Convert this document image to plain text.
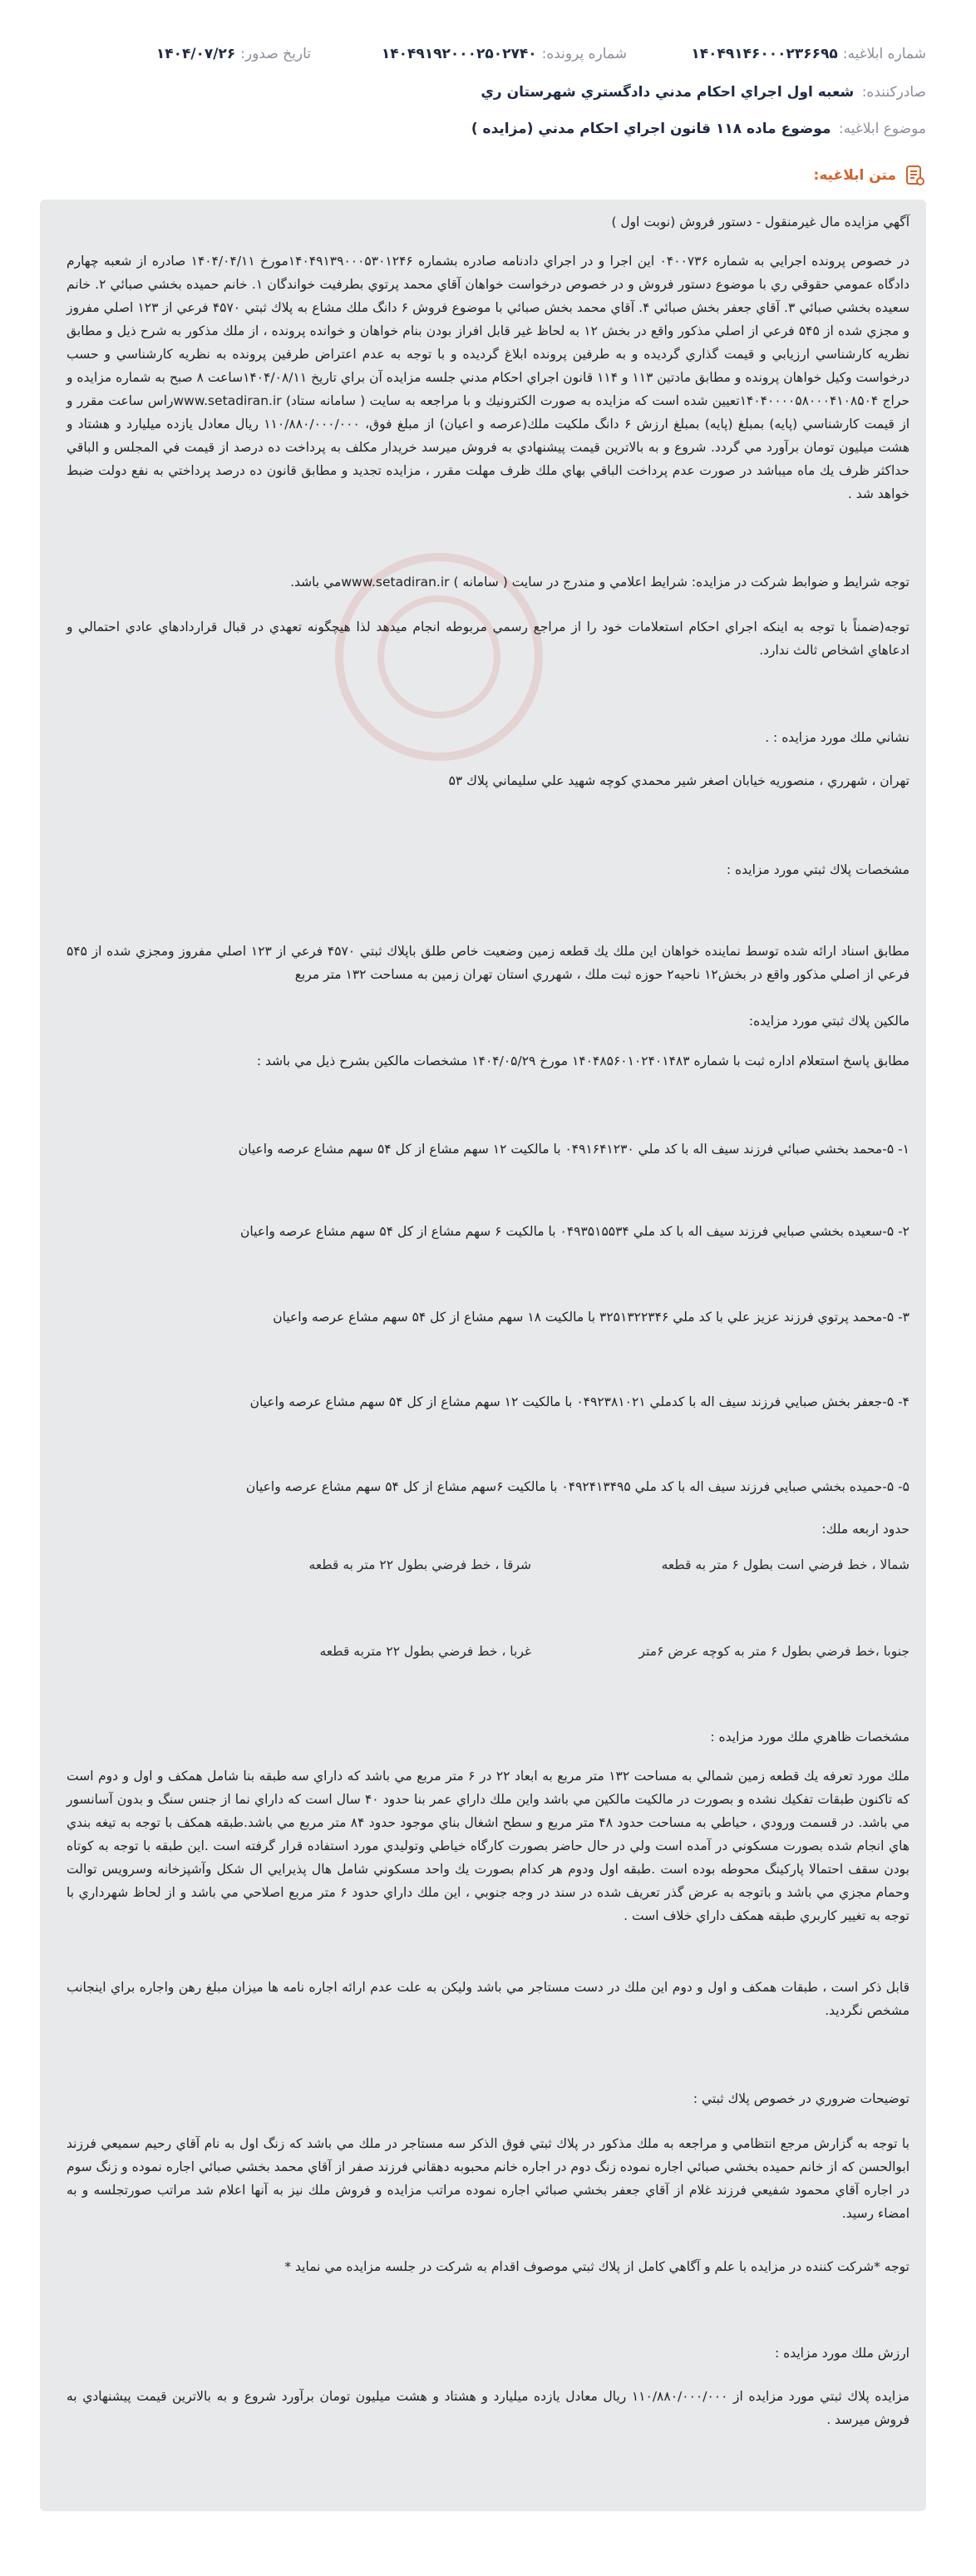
شماره ابلاغیه:
۱۴۰۴۹۱۴۶۰۰۰۲۳۶۶۹۵
شماره پرونده:
۱۴۰۴۹۱۹۲۰۰۰۲۵۰۲۷۴۰
تاریخ صدور:
۱۴۰۴/۰۷/۲۶
صادرکننده: شعبه اول اجراي احكام مدني دادگستري شهرستان ري
موضوع ابلاغیه: موضوع ماده ۱۱۸ قانون اجراي احكام مدني (مزايده )
متن ابلاغیه:
آگهي مزايده مال غيرمنقول - دستور فروش (نوبت اول )
در خصوص پرونده اجرايي به شماره ۰۴۰۰۷۳۶ اين اجرا و در اجراي دادنامه صادره بشماره ۱۴۰۴۹۱۳۹۰۰۰۵۳۰۱۲۴۶مورخ ۱۴۰۴/۰۴/۱۱ صادره از شعبه چهارم دادگاه عمومي حقوقي ري با موضوع دستور فروش و در خصوص درخواست خواهان آقاي محمد پرتوي بطرفيت خواندگان ۱. خانم حميده بخشي صبائي ۲. خانم سعيده بخشي صبائي ۳. آقاي جعفر بخش صبائي ۴. آقاي محمد بخش صبائي با موضوع فروش ۶ دانگ ملك مشاع به پلاك ثبتي ۴۵۷۰ فرعي از ۱۲۳ اصلي مفروز و مجزي شده از ۵۴۵ فرعي از اصلي مذكور واقع در بخش ۱۲ به لحاظ غير قابل افراز بودن بنام خواهان و خوانده پرونده ، از ملك مذكور به شرح ذيل و مطابق نظريه كارشناسي ارزيابي و قيمت گذاري گرديده و به طرفين پرونده ابلاغ گرديده و با توجه به عدم اعتراض طرفين پرونده به نظريه كارشناسي و حسب درخواست وكيل خواهان پرونده و مطابق مادتين ۱۱۳ و ۱۱۴ قانون اجراي احكام مدني جلسه مزايده آن براي تاريخ ۱۴۰۴/۰۸/۱۱ساعت ۸ صبح به شماره مزايده و حراج ۱۴۰۴۰۰۰۰۵۸۰۰۰۴۱۰۸۵۰۴تعيين شده است كه مزايده به صورت الكترونيك و با مراجعه به سايت ( سامانه ستاد) www.setadiran.irراس ساعت مقرر و از قيمت كارشناسي (پايه) بمبلغ (پايه) بمبلغ ارزش ۶ دانگ ملكيت ملك(عرصه و اعيان) از مبلغ فوق، ۱۱۰/۸۸۰/۰۰۰/۰۰۰ ريال معادل يازده ميليارد و هشتاد و هشت ميليون تومان برآورد مي گردد. شروع و به بالاترين قيمت پيشنهادي به فروش ميرسد خريدار مكلف به پرداخت ده درصد از قيمت في المجلس و الباقي حداكثر ظرف يك ماه ميباشد در صورت عدم پرداخت الباقي بهاي ملك ظرف مهلت مقرر ، مزايده تجديد و مطابق قانون ده درصد پرداختي به نفع دولت ضبط خواهد شد .
توجه شرايط و ضوابط شركت در مزايده: شرايط اعلامي و مندرج در سايت ( سامانه ) www.setadiran.irمي باشد.
توجه(ضمناً با توجه به اينكه اجراي احكام استعلامات خود را از مراجع رسمي مربوطه انجام ميدهد لذا هيچگونه تعهدي در قبال قراردادهاي عادي احتمالي و ادعاهاي اشخاص ثالث ندارد.
نشاني ملك مورد مزايده : .
تهران ، شهرري ، منصوريه خيابان اصغر شير محمدي كوچه شهيد علي سليماني پلاك ۵۳
مشخصات پلاك ثبتي مورد مزايده :
مطابق اسناد ارائه شده توسط نماينده خواهان اين ملك يك قطعه زمين وضعيت خاص طلق باپلاك ثبتي ۴۵۷۰ فرعي از ۱۲۳ اصلي مفروز ومجزي شده از ۵۴۵ فرعي از اصلي مذكور واقع در بخش۱۲ ناحيه۲ حوزه ثبت ملك ، شهرري استان تهران زمين به مساحت ۱۳۲ متر مربع
مالكين پلاك ثبتي مورد مزايده:
مطابق پاسخ استعلام اداره ثبت با شماره ۱۴۰۴۸۵۶۰۱۰۲۴۰۱۴۸۳ مورخ ۱۴۰۴/۰۵/۲۹ مشخصات مالكين بشرح ذيل مي باشد :
۱- ۵-محمد بخشي صبائي فرزند سيف اله با كد ملي ۰۴۹۱۶۴۱۲۳۰ با مالكيت ۱۲ سهم مشاع از كل ۵۴ سهم مشاع عرصه واعيان
۲- ۵-سعيده بخشي صبايي فرزند سيف اله با كد ملي ۰۴۹۳۵۱۵۵۳۴ با مالكيت ۶ سهم مشاع از كل ۵۴ سهم مشاع عرصه واعيان
۳- ۵-محمد پرتوي فرزند عزيز علي با كد ملي ۳۲۵۱۳۲۲۳۴۶ با مالكيت ۱۸ سهم مشاع از كل ۵۴ سهم مشاع عرصه واعيان
۴- ۵-جعفر بخش صبايي فرزند سيف اله با كدملي ۰۴۹۲۳۸۱۰۲۱ با مالكيت ۱۲ سهم مشاع از كل ۵۴ سهم مشاع عرصه واعيان
۵- ۵-حميده بخشي صبايي فرزند سيف اله با كد ملي ۰۴۹۲۴۱۳۴۹۵ با مالكيت ۶سهم مشاع از كل ۵۴ سهم مشاع عرصه واعيان
حدود اربعه ملك:
شمالا ، خط فرضي است بطول ۶ متر به قطعه
شرقا ، خط فرضي بطول ۲۲ متر به قطعه
جنوبا ،خط فرضي بطول ۶ متر به كوچه عرض ۶متر
غربا ، خط فرضي بطول ۲۲ متربه قطعه
مشخصات ظاهري ملك مورد مزايده :
ملك مورد تعرفه يك قطعه زمين شمالي به مساحت ۱۳۲ متر مربع به ابعاد ۲۲ در ۶ متر مربع مي باشد كه داراي سه طبقه بنا شامل همكف و اول و دوم است كه تاكنون طبقات تفكيك نشده و بصورت در مالكيت مالكين مي باشد واين ملك داراي عمر بنا حدود ۴۰ سال است كه داراي نما از جنس سنگ و بدون آسانسور مي باشد. در قسمت ورودي ، حياطي به مساحت حدود ۴۸ متر مربع و سطح اشغال بناي موجود حدود ۸۴ متر مربع مي باشد.طبقه همكف با توجه به تيغه بندي هاي انجام شده بصورت مسكوني در آمده است ولي در حال حاضر بصورت كارگاه خياطي وتوليدي مورد استفاده قرار گرفته است .اين طبقه با توجه به كوتاه بودن سقف احتمالا پاركينگ محوطه بوده است .طبقه اول ودوم هر كدام بصورت يك واحد مسكوني شامل هال پذيرايي ال شكل وآشپزخانه وسرويس توالت وحمام مجزي مي باشد و باتوجه به عرض گذر تعريف شده در سند در وجه جنوبي ، اين ملك داراي حدود ۶ متر مربع اصلاحي مي باشد و از لحاظ شهرداري با توجه به تغيير كاربري طبقه همكف داراي خلاف است .
قابل ذكر است ، طبقات همكف و اول و دوم اين ملك در دست مستاجر مي باشد وليكن به علت عدم ارائه اجاره نامه ها ميزان مبلغ رهن واجاره براي اينجانب مشخص نگرديد.
توضيحات ضروري در خصوص پلاك ثبتي :
با توجه به گزارش مرجع انتظامي و مراجعه به ملك مذكور در پلاك ثبتي فوق الذكر سه مستاجر در ملك مي باشد كه زنگ اول به نام آقاي رحيم سميعي فرزند ابوالحسن كه از خانم حميده بخشي صبائي اجاره نموده زنگ دوم در اجاره خانم محبوبه دهقاني فرزند صفر از آقاي محمد بخشي صبائي اجاره نموده و زنگ سوم در اجاره آقاي محمود شفيعي فرزند غلام از آقاي جعفر بخشي صبائي اجاره نموده مراتب مزايده و فروش ملك نيز به آنها اعلام شد مراتب صورتجلسه و به امضاء رسيد.
توجه *شركت كننده در مزايده با علم و آگاهي كامل از پلاك ثبتي موصوف اقدام به شركت در جلسه مزايده مي نمايد *
ارزش ملك مورد مزايده :
مزايده پلاك ثبتي مورد مزايده از ۱۱۰/۸۸۰/۰۰۰/۰۰۰ ريال معادل يازده ميليارد و هشتاد و هشت ميليون تومان برآورد شروع و به بالاترين قيمت پيشنهادي به فروش ميرسد .
